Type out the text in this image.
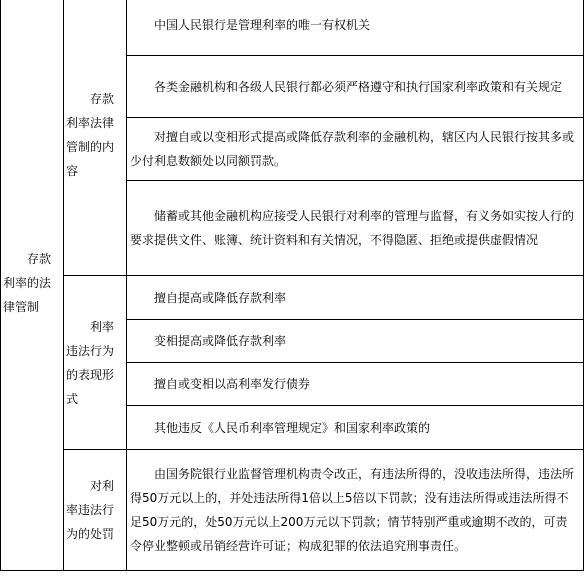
存款利率的法律管制	存款利率法律管制的内容	中国人民银行是管理利率的唯一有权机关

		各类金融机构和各级人民银行都必须严格遵守和执行国家利率政策和有关规定

		对擅自或以变相形式提高或降低存款利率的金融机构，辖区内人民银行按其多或少付利息数额处以同额罚款。

		储蓄或其他金融机构应接受人民银行对利率的管理与监督，有义务如实按人行的要求提供文件、账簿、统计资料和有关情况，不得隐匿、拒绝或提供虚假情况

	利率违法行为的表现形式	擅自提高或降低存款利率

		变相提高或降低存款利率

		擅自或变相以高利率发行债券

		其他违反《人民币利率管理规定》和国家利率政策的

	对利率违法行为的处罚	由国务院银行业监督管理机构责令改正，有违法所得的，没收违法所得，违法所得50万元以上的，并处违法所得1倍以上5倍以下罚款；没有违法所得或违法所得不足50万元的，处50万元以上200万元以下罚款；情节特别严重或逾期不改的，可责令停业整顿或吊销经营许可证；构成犯罪的依法追究刑事责任。
